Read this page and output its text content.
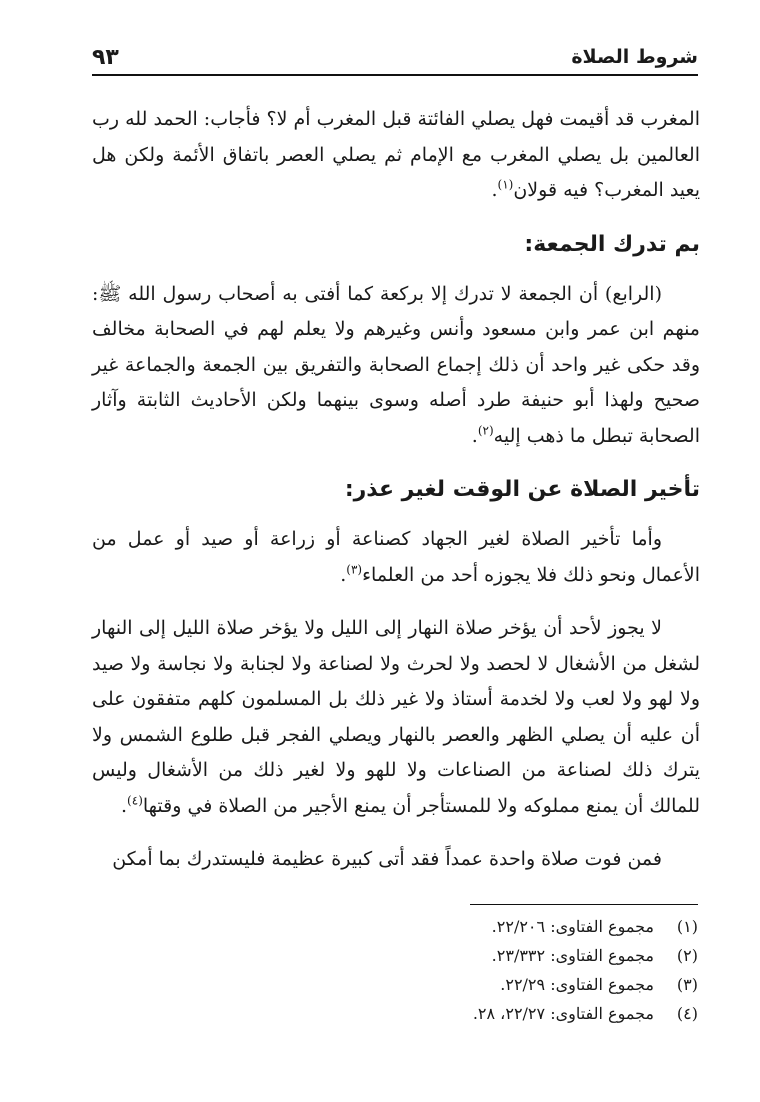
شروط الصلاة
٩٣

المغرب قد أقيمت فهل يصلي الفائتة قبل المغرب أم لا؟ فأجاب: الحمد لله رب العالمين بل يصلي المغرب مع الإمام ثم يصلي العصر باتفاق الأئمة ولكن هل يعيد المغرب؟ فيه قولان$^{(١)}$.

بم تدرك الجمعة:

(الرابع) أن الجمعة لا تدرك إلا بركعة كما أفتى به أصحاب رسول الله ﷺ: منهم ابن عمر وابن مسعود وأنس وغيرهم ولا يعلم لهم في الصحابة مخالف وقد حكى غير واحد أن ذلك إجماع الصحابة والتفريق بين الجمعة والجماعة غير صحيح ولهذا أبو حنيفة طرد أصله وسوى بينهما ولكن الأحاديث الثابتة وآثار الصحابة تبطل ما ذهب إليه$^{(٢)}$.

تأخير الصلاة عن الوقت لغير عذر:

وأما تأخير الصلاة لغير الجهاد كصناعة أو زراعة أو صيد أو عمل من الأعمال ونحو ذلك فلا يجوزه أحد من العلماء$^{(٣)}$.

لا يجوز لأحد أن يؤخر صلاة النهار إلى الليل ولا يؤخر صلاة الليل إلى النهار لشغل من الأشغال لا لحصد ولا لحرث ولا لصناعة ولا لجنابة ولا نجاسة ولا صيد ولا لهو ولا لعب ولا لخدمة أستاذ ولا غير ذلك بل المسلمون كلهم متفقون على أن عليه أن يصلي الظهر والعصر بالنهار ويصلي الفجر قبل طلوع الشمس ولا يترك ذلك لصناعة من الصناعات ولا للهو ولا لغير ذلك من الأشغال وليس للمالك أن يمنع مملوكه ولا للمستأجر أن يمنع الأجير من الصلاة في وقتها$^{(٤)}$.

فمن فوت صلاة واحدة عمداً فقد أتى كبيرة عظيمة فليستدرك بما أمكن

(١)
مجموع الفتاوى: ٢٢/٢٠٦.
(٢)
مجموع الفتاوى: ٢٣/٣٣٢.
(٣)
مجموع الفتاوى: ٢٢/٢٩.
(٤)
مجموع الفتاوى: ٢٢/٢٧، ٢٨.
